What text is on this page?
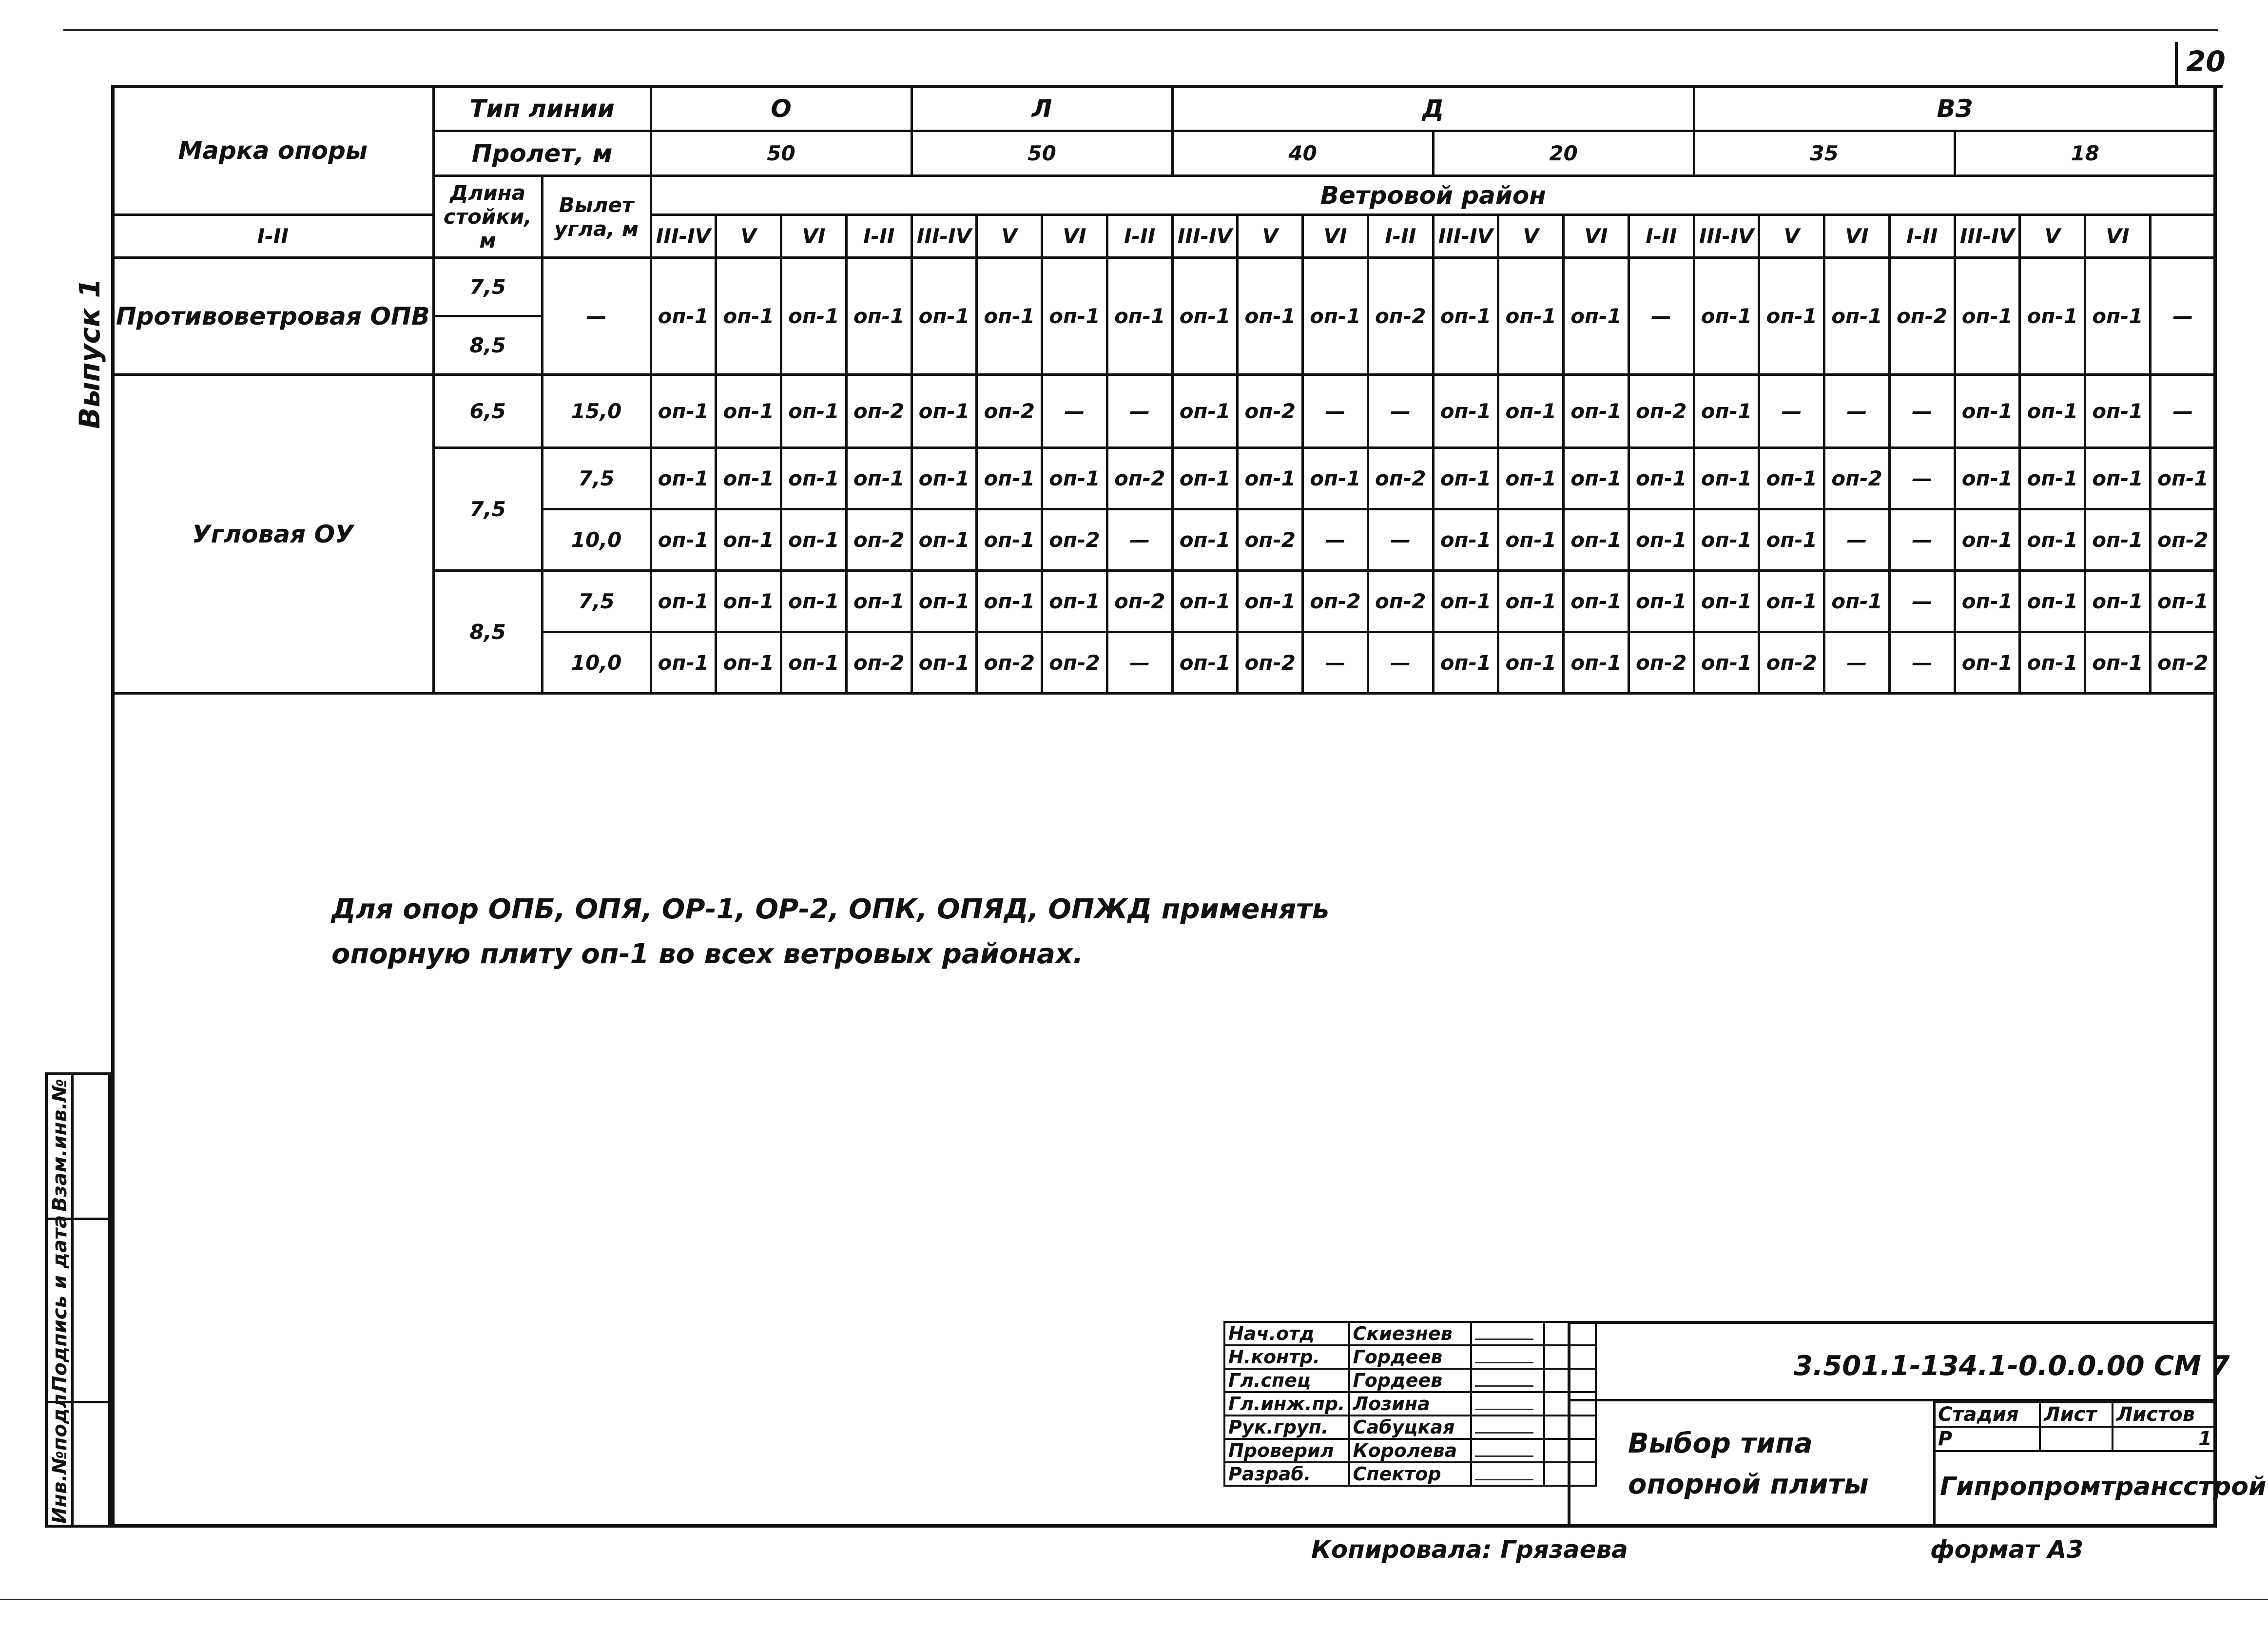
20
Выпуск 1
Инв.№подл.
Подпись и дата
Взам.инв.№
Марка опоры	Тип линии		О				Л				Д								ВЗ							
	Пролет, м		50				50				40				20				35				18			
	Длина стойки, м	Вылет угла, м	Ветровой район																							
I-II			III-IV	V	VI	I-II	III-IV	V	VI	I-II	III-IV	V	VI	I-II	III-IV	V	VI	I-II	III-IV	V	VI	I-II	III-IV	V	VI	
Противоветровая ОПВ	7,5	—	оп-1	оп-1	оп-1	оп-1	оп-1	оп-1	оп-1	оп-1	оп-1	оп-1	оп-1	оп-2	оп-1	оп-1	оп-1	—	оп-1	оп-1	оп-1	оп-2	оп-1	оп-1	оп-1	—
	8,5																									
Угловая ОУ	6,5	15,0	оп-1	оп-1	оп-1	оп-2	оп-1	оп-2	—	—	оп-1	оп-2	—	—	оп-1	оп-1	оп-1	оп-2	оп-1	—	—	—	оп-1	оп-1	оп-1	—
	7,5	7,5	оп-1	оп-1	оп-1	оп-1	оп-1	оп-1	оп-1	оп-2	оп-1	оп-1	оп-1	оп-2	оп-1	оп-1	оп-1	оп-1	оп-1	оп-1	оп-2	—	оп-1	оп-1	оп-1	оп-1
		10,0	оп-1	оп-1	оп-1	оп-2	оп-1	оп-1	оп-2	—	оп-1	оп-2	—	—	оп-1	оп-1	оп-1	оп-1	оп-1	оп-1	—	—	оп-1	оп-1	оп-1	оп-2
	8,5	7,5	оп-1	оп-1	оп-1	оп-1	оп-1	оп-1	оп-1	оп-2	оп-1	оп-1	оп-2	оп-2	оп-1	оп-1	оп-1	оп-1	оп-1	оп-1	оп-1	—	оп-1	оп-1	оп-1	оп-1
		10,0	оп-1	оп-1	оп-1	оп-2	оп-1	оп-2	оп-2	—	оп-1	оп-2	—	—	оп-1	оп-1	оп-1	оп-2	оп-1	оп-2	—	—	оп-1	оп-1	оп-1	оп-2
Для опор ОПБ, ОПЯ, ОР-1, ОР-2, ОПК, ОПЯД, ОПЖД применять
опорную плиту оп-1 во всех ветровых районах.
Нач.отд	Скиезнев		
Н.контр.	Гордеев		
Гл.спец	Гордеев		
Гл.инж.пр.	Лозина		
Рук.груп.	Сабуцкая		
Проверил	Королева		
Разраб.	Спектор		
3.501.1-134.1-0.0.0.00 СМ 7
Выбор типа
опорной плиты
Стадия	Лист	Листов
Р		1
Гипропромтрансстрой
Копировала: Грязаева	формат А3
